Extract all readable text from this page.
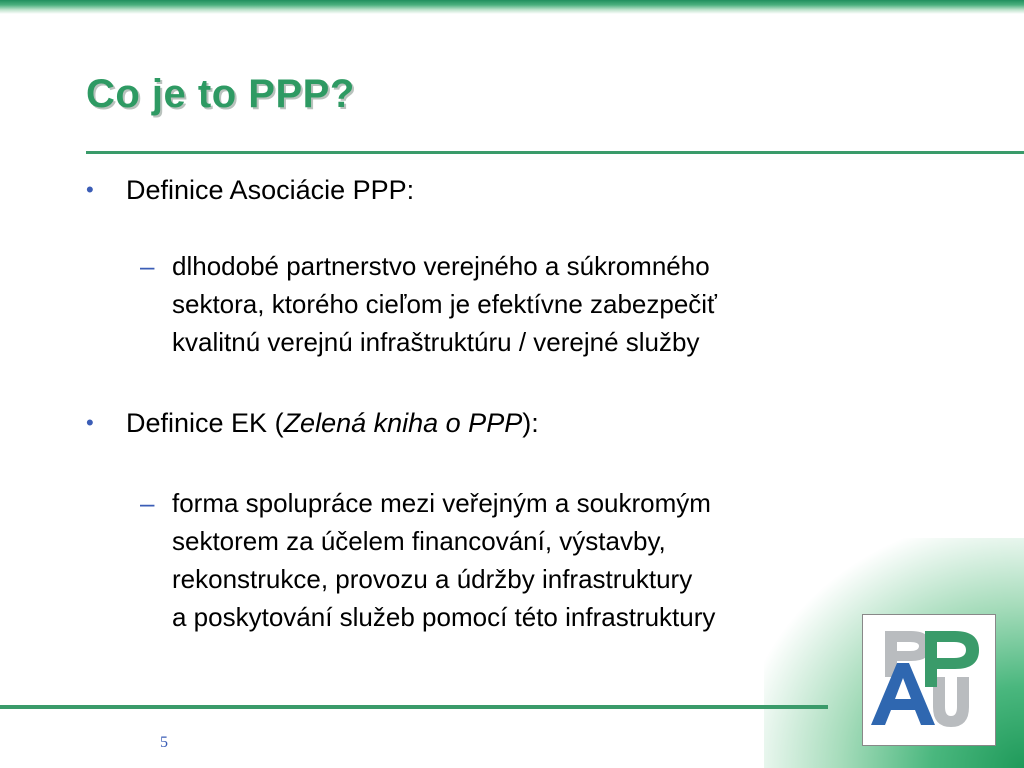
Co je to PPP?
• Definice Asociácie PPP:
– dlhodobé partnerstvo verejného a súkromného
sektora, ktorého cieľom je efektívne zabezpečiť
kvalitnú verejnú infraštruktúru / verejné služby
• Definice EK (Zelená kniha o PPP):
– forma spolupráce mezi veřejným a soukromým
sektorem za účelem financování, výstavby,
rekonstrukce, provozu a údržby infrastruktury
a poskytování služeb pomocí této infrastruktury
5
